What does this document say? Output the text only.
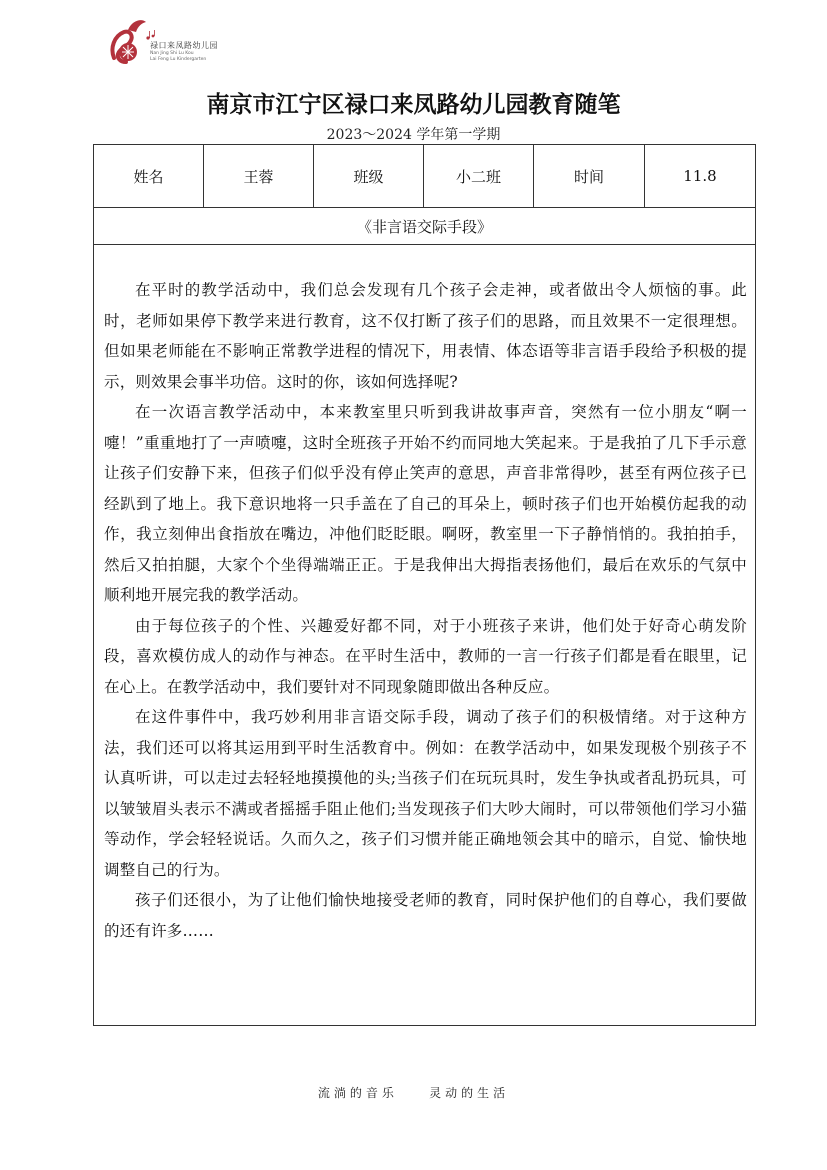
禄口来凤路幼儿园
Nan Jing Shi Lu Kou
Lai Feng Lu Kindergarten
南京市江宁区禄口来凤路幼儿园教育随笔
2023～2024 学年第一学期
姓名	王蓉	班级	小二班	时间	11.8
《非言语交际手段》

在平时的教学活动中，我们总会发现有几个孩子会走神，或者做出令人烦恼的事。此时，老师如果停下教学来进行教育，这不仅打断了孩子们的思路，而且效果不一定很理想。但如果老师能在不影响正常教学进程的情况下，用表情、体态语等非言语手段给予积极的提示，则效果会事半功倍。这时的你，该如何选择呢?

在一次语言教学活动中，本来教室里只听到我讲故事声音，突然有一位小朋友“啊一嚏！”重重地打了一声喷嚏，这时全班孩子开始不约而同地大笑起来。于是我拍了几下手示意让孩子们安静下来，但孩子们似乎没有停止笑声的意思，声音非常得吵，甚至有两位孩子已经趴到了地上。我下意识地将一只手盖在了自己的耳朵上，顿时孩子们也开始模仿起我的动作，我立刻伸出食指放在嘴边，冲他们眨眨眼。啊呀，教室里一下子静悄悄的。我拍拍手，然后又拍拍腿，大家个个坐得端端正正。于是我伸出大拇指表扬他们，最后在欢乐的气氛中顺利地开展完我的教学活动。

由于每位孩子的个性、兴趣爱好都不同，对于小班孩子来讲，他们处于好奇心萌发阶段，喜欢模仿成人的动作与神态。在平时生活中，教师的一言一行孩子们都是看在眼里，记在心上。在教学活动中，我们要针对不同现象随即做出各种反应。

在这件事件中，我巧妙利用非言语交际手段，调动了孩子们的积极情绪。对于这种方法，我们还可以将其运用到平时生活教育中。例如：在教学活动中，如果发现极个别孩子不认真听讲，可以走过去轻轻地摸摸他的头;当孩子们在玩玩具时，发生争执或者乱扔玩具，可以皱皱眉头表示不满或者摇摇手阻止他们;当发现孩子们大吵大闹时，可以带领他们学习小猫等动作，学会轻轻说话。久而久之，孩子们习惯并能正确地领会其中的暗示，自觉、愉快地调整自己的行为。

孩子们还很小，为了让他们愉快地接受老师的教育，同时保护他们的自尊心，我们要做的还有许多……

流淌的音乐    灵动的生活
